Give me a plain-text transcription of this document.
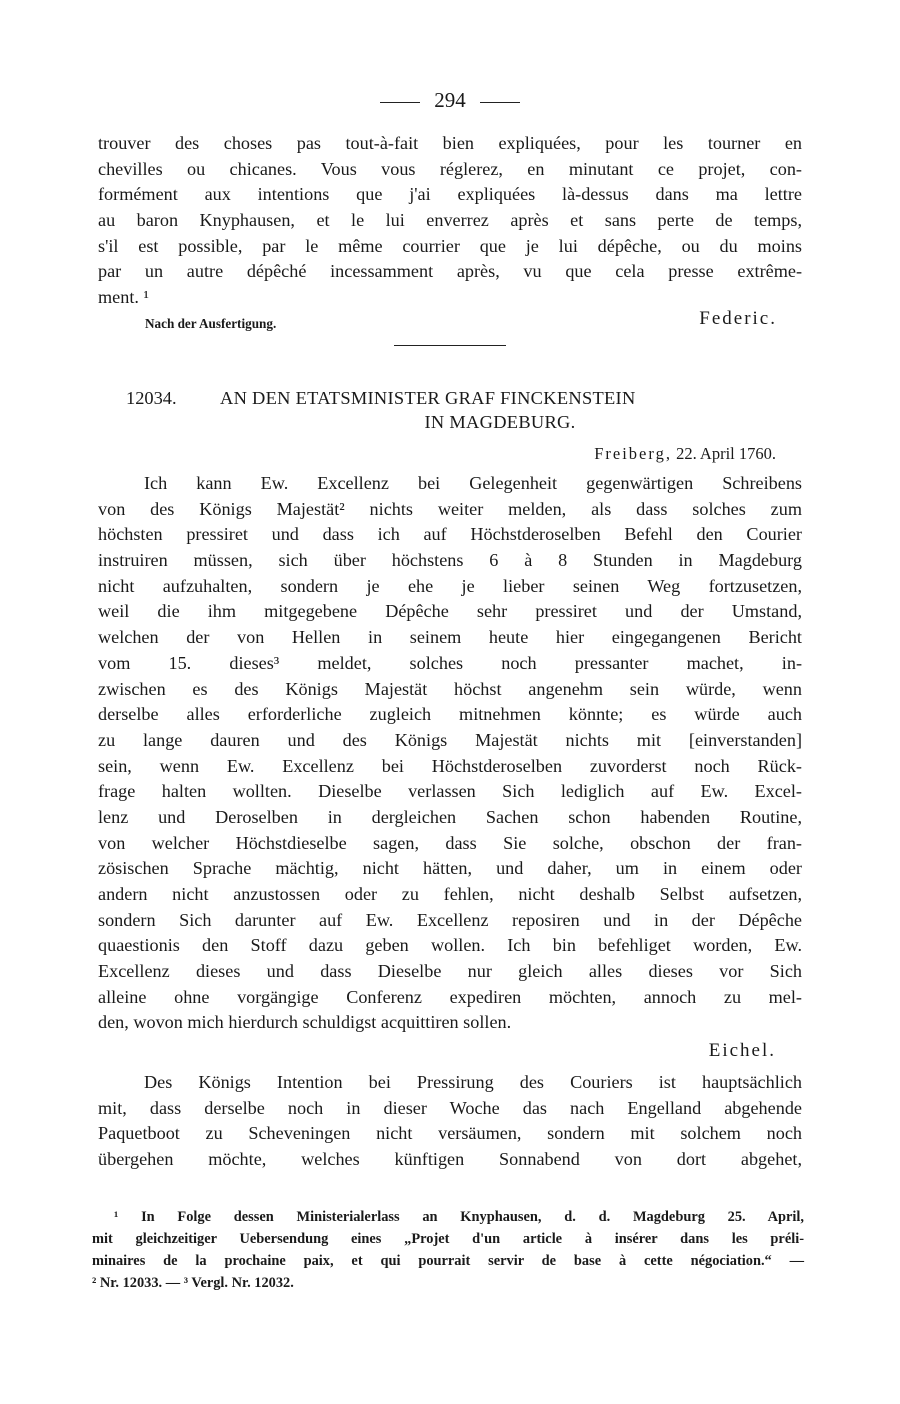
294
trouver des choses pas tout-à-fait bien expliquées, pour les tourner en
chevilles ou chicanes. Vous vous réglerez, en minutant ce projet, con-
formément aux intentions que j'ai expliquées là-dessus dans ma lettre
au baron Knyphausen, et le lui enverrez après et sans perte de temps,
s'il est possible, par le même courrier que je lui dépêche, ou du moins
par un autre dépêché incessamment après, vu que cela presse extrême-
ment. ¹
Nach der Ausfertigung.	Federic.
12034. AN DEN ETATSMINISTER GRAF FINCKENSTEIN
IN MAGDEBURG.
Freiberg, 22. April 1760.
Ich kann Ew. Excellenz bei Gelegenheit gegenwärtigen Schreibens
von des Königs Majestät² nichts weiter melden, als dass solches zum
höchsten pressiret und dass ich auf Höchstderoselben Befehl den Courier
instruiren müssen, sich über höchstens 6 à 8 Stunden in Magdeburg
nicht aufzuhalten, sondern je ehe je lieber seinen Weg fortzusetzen,
weil die ihm mitgegebene Dépêche sehr pressiret und der Umstand,
welchen der von Hellen in seinem heute hier eingegangenen Bericht
vom 15. dieses³ meldet, solches noch pressanter machet, in-
zwischen es des Königs Majestät höchst angenehm sein würde, wenn
derselbe alles erforderliche zugleich mitnehmen könnte; es würde auch
zu lange dauren und des Königs Majestät nichts mit [einverstanden]
sein, wenn Ew. Excellenz bei Höchstderoselben zuvorderst noch Rück-
frage halten wollten. Dieselbe verlassen Sich lediglich auf Ew. Excel-
lenz und Deroselben in dergleichen Sachen schon habenden Routine,
von welcher Höchstdieselbe sagen, dass Sie solche, obschon der fran-
zösischen Sprache mächtig, nicht hätten, und daher, um in einem oder
andern nicht anzustossen oder zu fehlen, nicht deshalb Selbst aufsetzen,
sondern Sich darunter auf Ew. Excellenz reposiren und in der Dépêche
quaestionis den Stoff dazu geben wollen. Ich bin befehliget worden, Ew.
Excellenz dieses und dass Dieselbe nur gleich alles dieses vor Sich
alleine ohne vorgängige Conferenz expediren möchten, annoch zu mel-
den, wovon mich hierdurch schuldigst acquittiren sollen.
Eichel.
Des Königs Intention bei Pressirung des Couriers ist hauptsächlich
mit, dass derselbe noch in dieser Woche das nach Engelland abgehende
Paquetboot zu Scheveningen nicht versäumen, sondern mit solchem noch
übergehen möchte, welches künftigen Sonnabend von dort abgehet,
¹ In Folge dessen Ministerialerlass an Knyphausen, d. d. Magdeburg 25. April,
mit gleichzeitiger Uebersendung eines „Projet d'un article à insérer dans les préli-
minaires de la prochaine paix, et qui pourrait servir de base à cette négociation.“ —
² Nr. 12033. — ³ Vergl. Nr. 12032.
